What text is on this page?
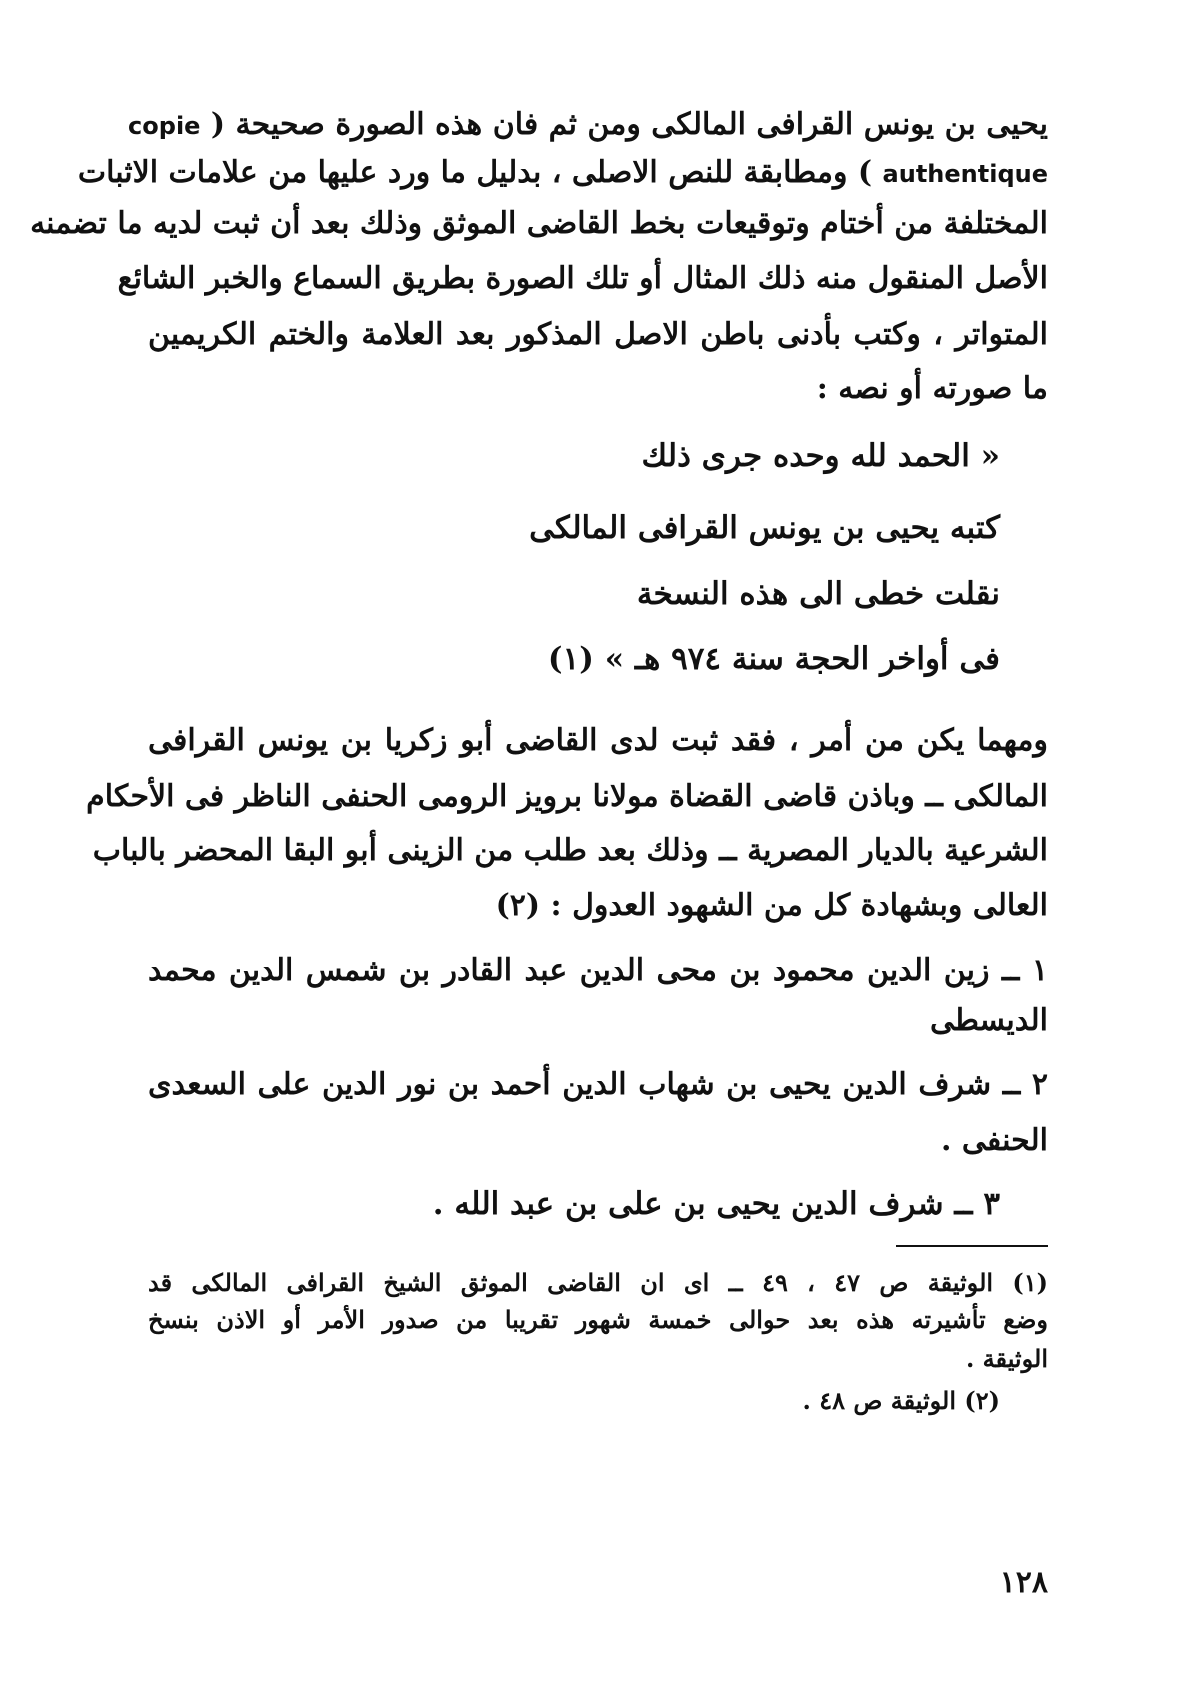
يحيى بن يونس القرافى المالكى ومن ثم فان هذه الصورة صحيحة ( copie
authentique ) ومطابقة للنص الاصلى ، بدليل ما ورد عليها من علامات الاثبات
المختلفة من أختام وتوقيعات بخط القاضى الموثق وذلك بعد أن ثبت لديه ما تضمنه
الأصل المنقول منه ذلك المثال أو تلك الصورة بطريق السماع والخبر الشائع
المتواتر ، وكتب بأدنى باطن الاصل المذكور بعد العلامة والختم الكريمين
ما صورته أو نصه :
« الحمد لله وحده جرى ذلك
كتبه يحيى بن يونس القرافى المالكى
نقلت خطى الى هذه النسخة
فى أواخر الحجة سنة ٩٧٤ هـ » (١)
ومهما يكن من أمر ، فقد ثبت لدى القاضى أبو زكريا بن يونس القرافى
المالكى ــ وباذن قاضى القضاة مولانا برويز الرومى الحنفى الناظر فى الأحكام
الشرعية بالديار المصرية ــ وذلك بعد طلب من الزينى أبو البقا المحضر بالباب
العالى وبشهادة كل من الشهود العدول : (٢)
١ ــ زين الدين محمود بن محى الدين عبد القادر بن شمس الدين محمد
الديسطى
٢ ــ شرف الدين يحيى بن شهاب الدين أحمد بن نور الدين على السعدى
الحنفى .
٣ ــ شرف الدين يحيى بن على بن عبد الله .
(١) الوثيقة ص ٤٧ ، ٤٩ ــ اى ان القاضى الموثق الشيخ القرافى المالكى قد
وضع تأشيرته هذه بعد حوالى خمسة شهور تقريبا من صدور الأمر أو الاذن بنسخ
الوثيقة .
(٢) الوثيقة ص ٤٨ .
١٢٨
